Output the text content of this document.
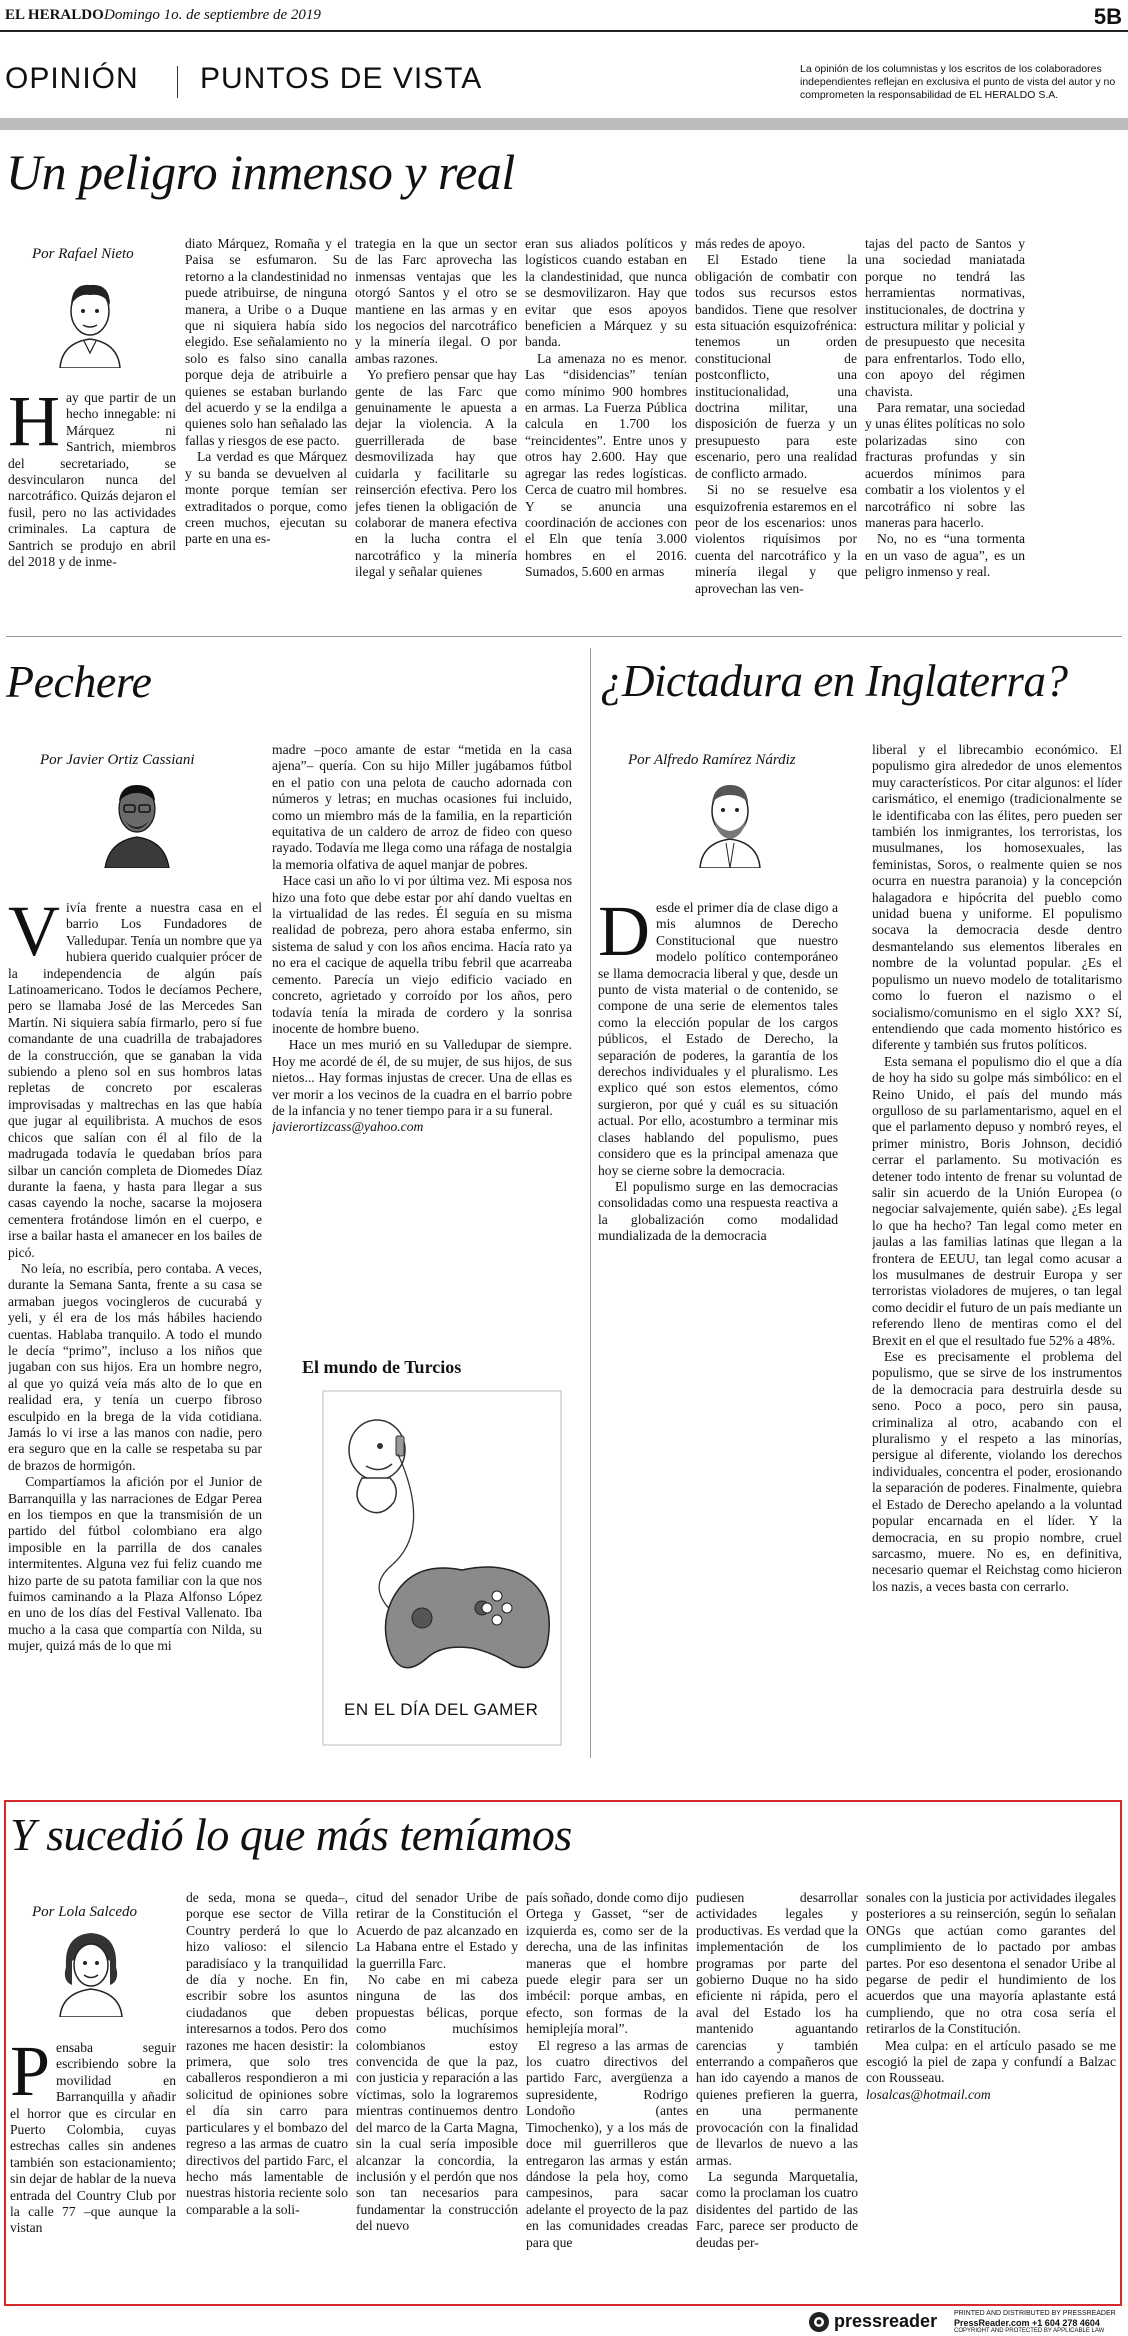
EL HERALDO Domingo 1o. de septiembre de 2019	5B
OPINIÓN PUNTOS DE VISTA	La opinión de los columnistas y los escritos de los colaboradores independientes reflejan en exclusiva el punto de vista del autor y no comprometen la responsabilidad de EL HERALDO S.A.
Un peligro inmenso y real
Por Rafael Nieto
Hay que partir de un hecho innegable: ni Márquez ni Santrich, miembros del secretariado, se desvincularon nunca del narcotráfico. Quizás dejaron el fusil, pero no las actividades criminales. La captura de Santrich se produjo en abril del 2018 y de inme-

diato Márquez, Romaña y el Paisa se esfumaron. Su retorno a la clandestinidad no puede atribuirse, de ninguna manera, a Uribe o a Duque que ni siquiera había sido elegido. Ese señalamiento no solo es falso sino canalla porque deja de atribuirle a quienes se estaban burlando del acuerdo y se la endilga a quienes solo han señalado las fallas y riesgos de ese pacto.

La verdad es que Márquez y su banda se devuelven al monte porque temían ser extraditados o porque, como creen muchos, ejecutan su parte en una es-

trategia en la que un sector de las Farc aprovecha las inmensas ventajas que les otorgó Santos y el otro se mantiene en las armas y en los negocios del narcotráfico y la minería ilegal. O por ambas razones.

Yo prefiero pensar que hay gente de las Farc que genuinamente le apuesta a dejar la violencia. A la guerrillerada de base desmovilizada hay que cuidarla y facilitarle su reinserción efectiva. Pero los jefes tienen la obligación de colaborar de manera efectiva en la lucha contra el narcotráfico y la minería ilegal y señalar quienes

eran sus aliados políticos y logísticos cuando estaban en la clandestinidad, que nunca se desmovilizaron. Hay que evitar que esos apoyos beneficien a Márquez y su banda.

La amenaza no es menor. Las “disidencias” tenían como mínimo 900 hombres en armas. La Fuerza Pública calcula en 1.700 los “reincidentes”. Entre unos y otros hay 2.600. Hay que agregar las redes logísticas. Cerca de cuatro mil hombres. Y se anuncia una coordinación de acciones con el Eln que tenía 3.000 hombres en el 2016. Sumados, 5.600 en armas

más redes de apoyo.

El Estado tiene la obligación de combatir con todos sus recursos estos bandidos. Tiene que resolver esta situación esquizofrénica: tenemos un orden constitucional de postconflicto, una institucionalidad, una doctrina militar, una disposición de fuerza y un presupuesto para este escenario, pero una realidad de conflicto armado.

Si no se resuelve esa esquizofrenia estaremos en el peor de los escenarios: unos violentos riquísimos por cuenta del narcotráfico y la minería ilegal y que aprovechan las ven-

tajas del pacto de Santos y una sociedad maniatada porque no tendrá las herramientas normativas, institucionales, de doctrina y estructura militar y policial y de presupuesto que necesita para enfrentarlos. Todo ello, con apoyo del régimen chavista.

Para rematar, una sociedad y unas élites políticas no solo polarizadas sino con fracturas profundas y sin acuerdos mínimos para combatir a los violentos y el narcotráfico ni sobre las maneras para hacerlo.

No, no es “una tormenta en un vaso de agua”, es un peligro inmenso y real.

Pechere
Por Javier Ortiz Cassiani
Vivía frente a nuestra casa en el barrio Los Fundadores de Valledupar. Tenía un nombre que ya hubiera querido cualquier prócer de la independencia de algún país Latinoamericano. Todos le decíamos Pechere, pero se llamaba José de las Mercedes San Martín. Ni siquiera sabía firmarlo, pero sí fue comandante de una cuadrilla de trabajadores de la construcción, que se ganaban la vida subiendo a pleno sol en sus hombros latas repletas de concreto por escaleras improvisadas y maltrechas en las que había que jugar al equilibrista. A muchos de esos chicos que salían con él al filo de la madrugada todavía le quedaban bríos para silbar un canción completa de Diomedes Díaz durante la faena, y hasta para llegar a sus casas cayendo la noche, sacarse la mojosera cementera frotándose limón en el cuerpo, e irse a bailar hasta el amanecer en los bailes de picó.
No leía, no escribía, pero contaba. A veces, durante la Semana Santa, frente a su casa se armaban juegos vocingleros de cucurabá y yeli, y él era de los más hábiles haciendo cuentas. Hablaba tranquilo. A todo el mundo le decía “primo”, incluso a los niños que jugaban con sus hijos. Era un hombre negro, al que yo quizá veía más alto de lo que en realidad era, y tenía un cuerpo fibroso esculpido en la brega de la vida cotidiana. Jamás lo vi irse a las manos con nadie, pero era seguro que en la calle se respetaba su par de brazos de hormigón.
Compartíamos la afición por el Junior de Barranquilla y las narraciones de Edgar Perea en los tiempos en que la transmisión de un partido del fútbol colombiano era algo imposible en la parrilla de dos canales intermitentes. Alguna vez fui feliz cuando me hizo parte de su patota familiar con la que nos fuimos caminando a la Plaza Alfonso López en uno de los días del Festival Vallenato. Iba mucho a la casa que compartía con Nilda, su mujer, quizá más de lo que mi
madre –poco amante de estar “metida en la casa ajena”– quería. Con su hijo Miller jugábamos fútbol en el patio con una pelota de caucho adornada con números y letras; en muchas ocasiones fui incluido, como un miembro más de la familia, en la repartición equitativa de un caldero de arroz de fideo con queso rayado. Todavía me llega como una ráfaga de nostalgia la memoria olfativa de aquel manjar de pobres.
Hace casi un año lo vi por última vez. Mi esposa nos hizo una foto que debe estar por ahí dando vueltas en la virtualidad de las redes. Él seguía en su misma realidad de pobreza, pero ahora estaba enfermo, sin sistema de salud y con los años encima. Hacía rato ya no era el cacique de aquella tribu febril que acarreaba cemento. Parecía un viejo edificio vaciado en concreto, agrietado y corroído por los años, pero todavía tenía la mirada de cordero y la sonrisa inocente de hombre bueno.
Hace un mes murió en su Valledupar de siempre. Hoy me acordé de él, de su mujer, de sus hijos, de sus nietos... Hay formas injustas de crecer. Una de ellas es ver morir a los vecinos de la cuadra en el barrio pobre de la infancia y no tener tiempo para ir a su funeral.
javierortizcass@yahoo.com
El mundo de Turcios
EN EL DÍA DEL GAMER
¿Dictadura en Inglaterra?
Por Alfredo Ramírez Nárdiz
Desde el primer día de clase digo a mis alumnos de Derecho Constitucional que nuestro modelo político contemporáneo se llama democracia liberal y que, desde un punto de vista material o de contenido, se compone de una serie de elementos tales como la elección popular de los cargos públicos, el Estado de Derecho, la separación de poderes, la garantía de los derechos individuales y el pluralismo. Les explico qué son estos elementos, cómo surgieron, por qué y cuál es su situación actual. Por ello, acostumbro a terminar mis clases hablando del populismo, pues considero que es la principal amenaza que hoy se cierne sobre la democracia.
El populismo surge en las democracias consolidadas como una respuesta reactiva a la globalización como modalidad mundializada de la democracia

liberal y el librecambio económico. El populismo gira alrededor de unos elementos muy característicos. Por citar algunos: el líder carismático, el enemigo (tradicionalmente se le identificaba con las élites, pero pueden ser también los inmigrantes, los terroristas, los musulmanes, los homosexuales, las feministas, Soros, o realmente quien se nos ocurra en nuestra paranoia) y la concepción halagadora e hipócrita del pueblo como unidad buena y uniforme. El populismo socava la democracia desde dentro desmantelando sus elementos liberales en nombre de la voluntad popular. ¿Es el populismo un nuevo modelo de totalitarismo como lo fueron el nazismo o el socialismo/comunismo en el siglo XX? Sí, entendiendo que cada momento histórico es diferente y también sus frutos políticos.

Esta semana el populismo dio el que a día de hoy ha sido su golpe más simbólico: en el Reino Unido, el país del mundo más orgulloso de su parlamentarismo, aquel en el que el parlamento depuso y nombró reyes, el primer ministro, Boris Johnson, decidió cerrar el parlamento. Su motivación es detener todo intento de frenar su voluntad de salir sin acuerdo de la Unión Europea (o negociar salvajemente, quién sabe). ¿Es legal lo que ha hecho? Tan legal como meter en jaulas a las familias latinas que llegan a la frontera de EEUU, tan legal como acusar a los musulmanes de destruir Europa y ser terroristas violadores de mujeres, o tan legal como decidir el futuro de un país mediante un referendo lleno de mentiras como el del Brexit en el que el resultado fue 52% a 48%.

Ese es precisamente el problema del populismo, que se sirve de los instrumentos de la democracia para destruirla desde su seno. Poco a poco, pero sin pausa, criminaliza al otro, acabando con el pluralismo y el respeto a las minorías, persigue al diferente, violando los derechos individuales, concentra el poder, erosionando la separación de poderes. Finalmente, quiebra el Estado de Derecho apelando a la voluntad popular encarnada en el líder. Y la democracia, en su propio nombre, cruel sarcasmo, muere. No es, en definitiva, necesario quemar el Reichstag como hicieron los nazis, a veces basta con cerrarlo.

Y sucedió lo que más temíamos
Por Lola Salcedo
Pensaba seguir escribiendo sobre la movilidad en Barranquilla y añadir el horror que es circular en Puerto Colombia, cuyas estrechas calles sin andenes también son estacionamiento; sin dejar de hablar de la nueva entrada del Country Club por la calle 77 –que aunque la vistan
de seda, mona se queda–, porque ese sector de Villa Country perderá lo que lo hizo valioso: el silencio paradisíaco y la tranquilidad de día y noche. En fin, escribir sobre los asuntos ciudadanos que deben interesarnos a todos. Pero dos razones me hacen desistir: la primera, que solo tres caballeros respondieron a mi solicitud de opiniones sobre el día sin carro para particulares y el bombazo del regreso a las armas de cuatro directivos del partido Farc, el hecho más lamentable de nuestras historia reciente solo comparable a la soli-

citud del senador Uribe de retirar de la Constitución el Acuerdo de paz alcanzado en La Habana entre el Estado y la guerrilla Farc.

No cabe en mi cabeza ninguna de las dos propuestas bélicas, porque como muchísimos colombianos estoy convencida de que la paz, con justicia y reparación a las víctimas, solo la lograremos mientras continuemos dentro del marco de la Carta Magna, sin la cual sería imposible alcanzar la concordia, la inclusión y el perdón que nos son tan necesarios para fundamentar la construcción del nuevo

país soñado, donde como dijo Ortega y Gasset, “ser de izquierda es, como ser de la derecha, una de las infinitas maneras que el hombre puede elegir para ser un imbécil: porque ambas, en efecto, son formas de la hemiplejía moral”.

El regreso a las armas de los cuatro directivos del partido Farc, avergüenza a supresidente, Rodrigo Londoño (antes Timochenko), y a los más de doce mil guerrilleros que entregaron las armas y están dándose la pela hoy, como campesinos, para sacar adelante el proyecto de la paz en las comunidades creadas para que

pudiesen desarrollar actividades legales y productivas. Es verdad que la implementación de los programas por parte del gobierno Duque no ha sido eficiente ni rápida, pero el aval del Estado los ha mantenido aguantando carencias y también enterrando a compañeros que han ido cayendo a manos de quienes prefieren la guerra, en una permanente provocación con la finalidad de llevarlos de nuevo a las armas.

La segunda Marquetalia, como la proclaman los cuatro disidentes del partido de las Farc, parece ser producto de deudas per-

sonales con la justicia por actividades ilegales posteriores a su reinserción, según lo señalan ONGs que actúan como garantes del cumplimiento de lo pactado por ambas partes. Por eso desentona el senador Uribe al pegarse de pedir el hundimiento de los acuerdos que una mayoría aplastante está cumpliendo, que no otra cosa sería el retirarlos de la Constitución.
Mea culpa: en el artículo pasado se me escogió la piel de zapa y confundí a Balzac con Rousseau.
losalcas@hotmail.com
pressreader PRINTED AND DISTRIBUTED BY PRESSREADER
PressReader.com +1 604 278 4604
COPYRIGHT AND PROTECTED BY APPLICABLE LAW
